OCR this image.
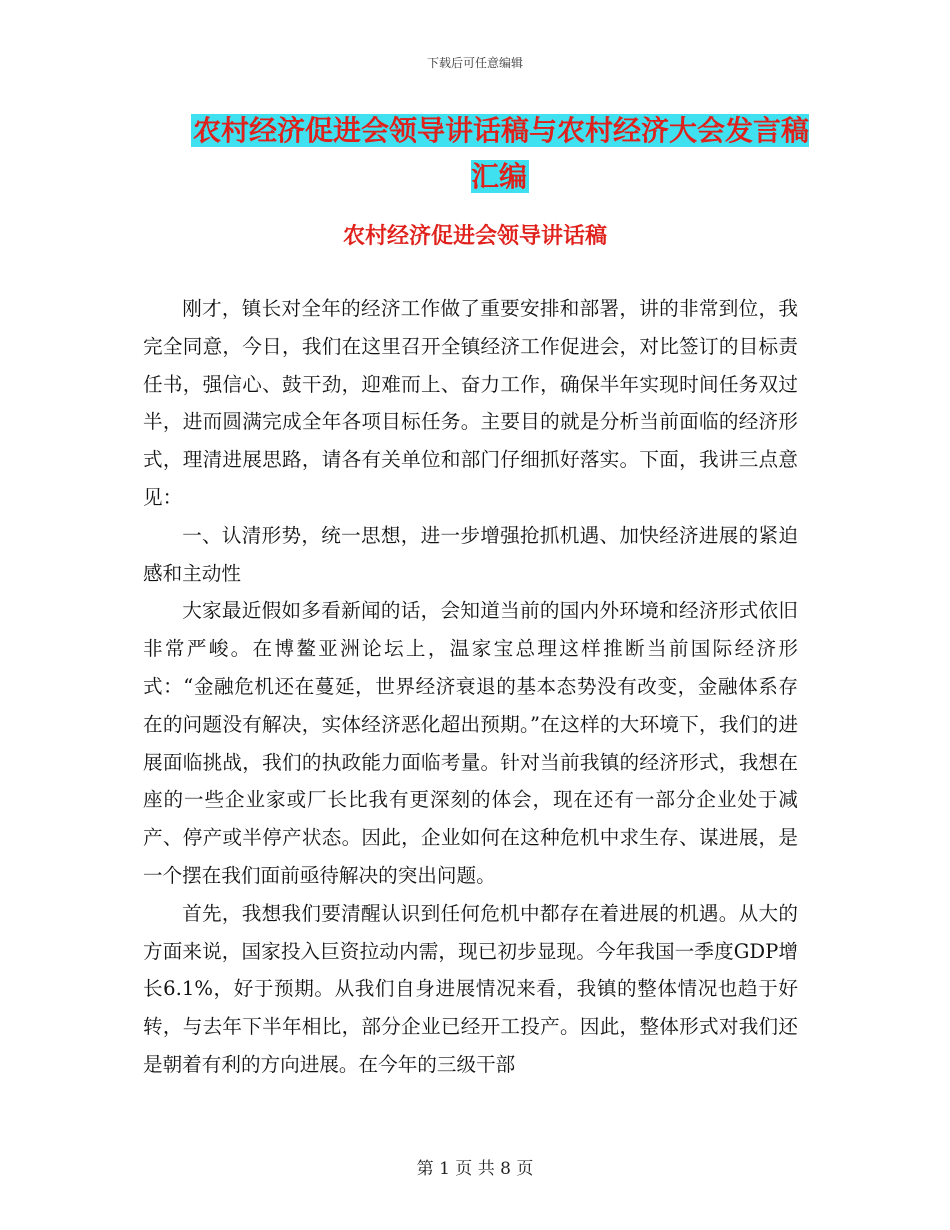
下载后可任意编辑
农村经济促进会领导讲话稿与农村经济大会发言稿汇编
农村经济促进会领导讲话稿

刚才，镇长对全年的经济工作做了重要安排和部署，讲的非常到位，我完全同意，今日，我们在这里召开全镇经济工作促进会，对比签订的目标责任书，强信心、鼓干劲，迎难而上、奋力工作，确保半年实现时间任务双过半，进而圆满完成全年各项目标任务。主要目的就是分析当前面临的经济形式，理清进展思路，请各有关单位和部门仔细抓好落实。下面，我讲三点意见：

一、认清形势，统一思想，进一步增强抢抓机遇、加快经济进展的紧迫感和主动性

大家最近假如多看新闻的话，会知道当前的国内外环境和经济形式依旧非常严峻。在博鳌亚洲论坛上，温家宝总理这样推断当前国际经济形式：“金融危机还在蔓延，世界经济衰退的基本态势没有改变，金融体系存在的问题没有解决，实体经济恶化超出预期。”在这样的大环境下，我们的进展面临挑战，我们的执政能力面临考量。针对当前我镇的经济形式，我想在座的一些企业家或厂长比我有更深刻的体会，现在还有一部分企业处于减产、停产或半停产状态。因此，企业如何在这种危机中求生存、谋进展，是一个摆在我们面前亟待解决的突出问题。

首先，我想我们要清醒认识到任何危机中都存在着进展的机遇。从大的方面来说，国家投入巨资拉动内需，现已初步显现。今年我国一季度GDP增长6.1%，好于预期。从我们自身进展情况来看，我镇的整体情况也趋于好转，与去年下半年相比，部分企业已经开工投产。因此，整体形式对我们还是朝着有利的方向进展。在今年的三级干部

第 1 页 共 8 页
